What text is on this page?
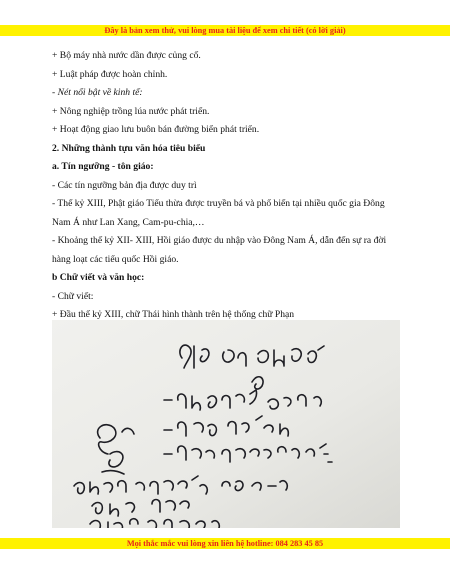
Đây là bản xem thử, vui lòng mua tài liệu để xem chi tiết (có lời giải)

+ Bộ máy nhà nước dần được củng cố.

+ Luật pháp được hoàn chỉnh.

- Nét nổi bật về kinh tế:

+ Nông nghiệp trồng lúa nước phát triển.

+ Hoạt động giao lưu buôn bán đường biển phát triển.

2. Những thành tựu văn hóa tiêu biểu

a. Tín ngưỡng - tôn giáo:

- Các tín ngưỡng bản địa được duy trì

- Thế kỷ XIII, Phật giáo Tiểu thừa được truyền bá và phổ biến tại nhiều quốc gia Đông Nam Á như Lan Xang, Cam-pu-chia,…

- Khoảng thế kỷ XII- XIII, Hồi giáo được du nhập vào Đông Nam Á, dẫn đến sự ra đời hàng loạt các tiểu quốc Hồi giáo.

b Chữ viết và văn học:

- Chữ viết:

+ Đầu thế kỷ XIII, chữ Thái hình thành trên hệ thống chữ Phạn

Mọi thắc mắc vui lòng xin liên hệ hotline: 084 283 45 85
